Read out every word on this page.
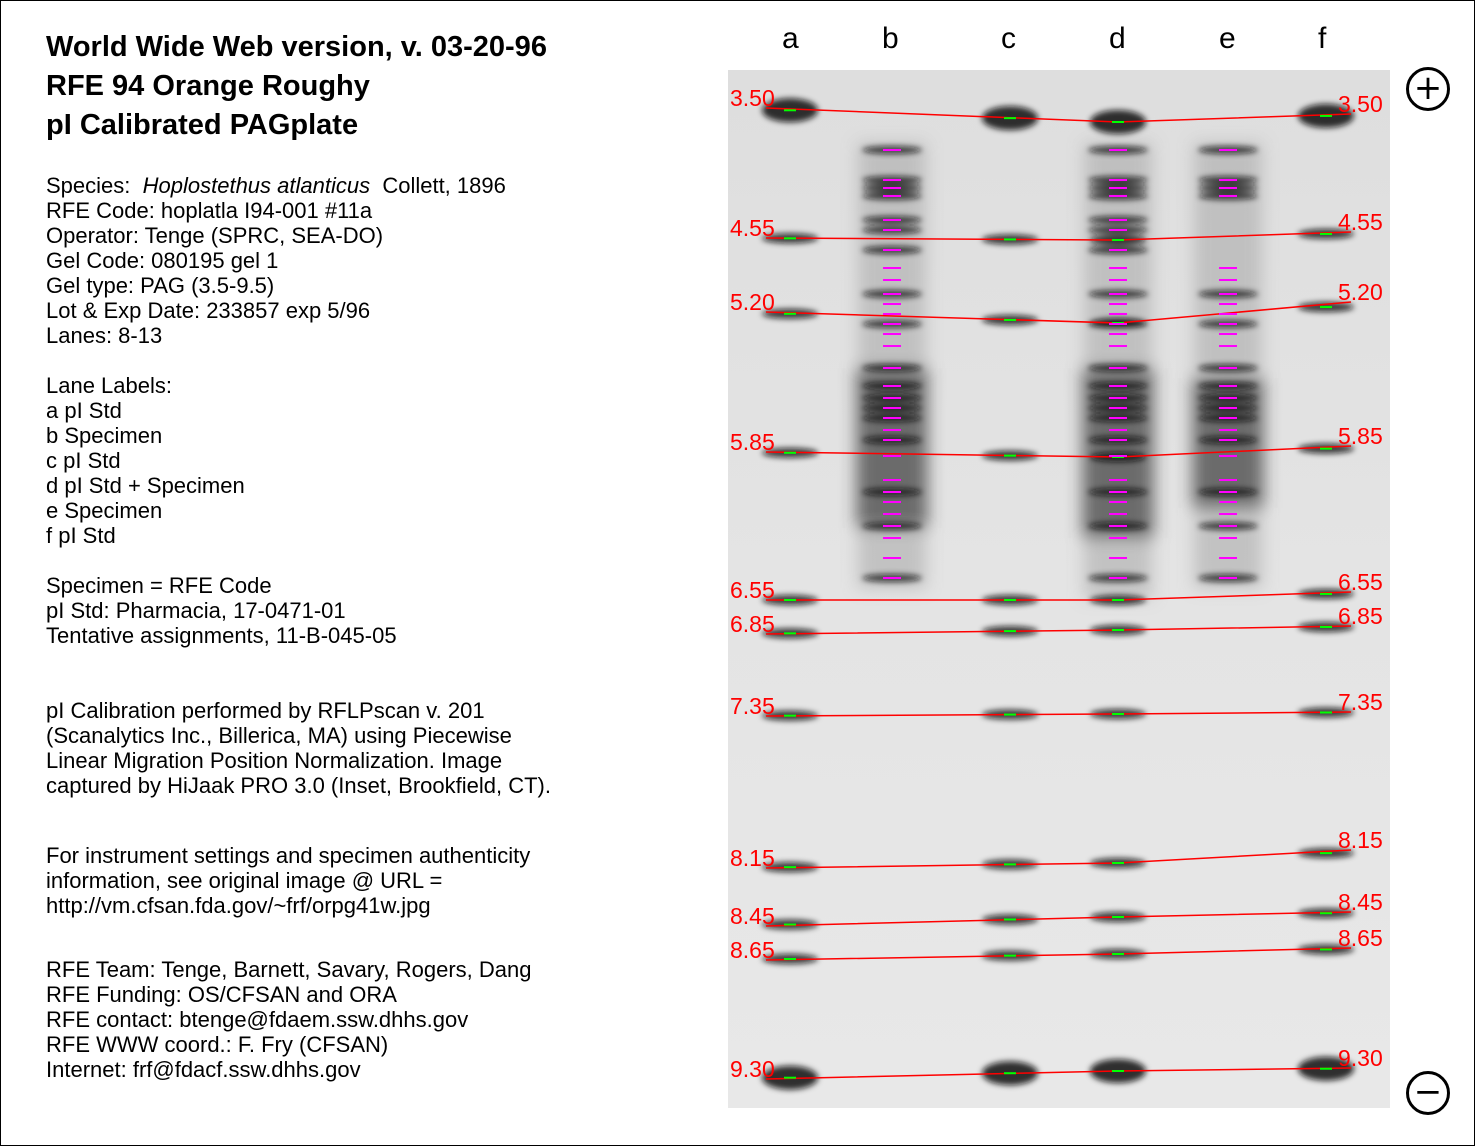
World Wide Web version, v. 03-20-96
RFE 94 Orange Roughy
pI Calibrated PAGplate
Species: Hoplostethus atlanticus Collett, 1896
RFE Code: hoplatla I94-001 #11a
Operator: Tenge (SPRC, SEA-DO)
Gel Code: 080195 gel 1
Gel type: PAG (3.5-9.5)
Lot & Exp Date: 233857 exp 5/96
Lanes: 8-13
Lane Labels:
a pI Std
b Specimen
c pI Std
d pI Std + Specimen
e Specimen
f pI Std
Specimen = RFE Code
pI Std: Pharmacia, 17-0471-01
Tentative assignments, 11-B-045-05
pI Calibration performed by RFLPscan v. 201
(Scanalytics Inc., Billerica, MA) using Piecewise
Linear Migration Position Normalization. Image
captured by HiJaak PRO 3.0 (Inset, Brookfield, CT).
For instrument settings and specimen authenticity
information, see original image @ URL =
http://vm.cfsan.fda.gov/~frf/orpg41w.jpg
RFE Team: Tenge, Barnett, Savary, Rogers, Dang
RFE Funding: OS/CFSAN and ORA
RFE contact: btenge@fdaem.ssw.dhhs.gov
RFE WWW coord.: F. Fry (CFSAN)
Internet: frf@fdacf.ssw.dhhs.gov
a	b	c	d	e	f
+
−
3.50
4.55
5.20
5.85
6.55
6.85
7.35
8.15
8.45
8.65
9.30
3.50
4.55
5.20
5.85
6.55
6.85
7.35
8.15
8.45
8.65
9.30
